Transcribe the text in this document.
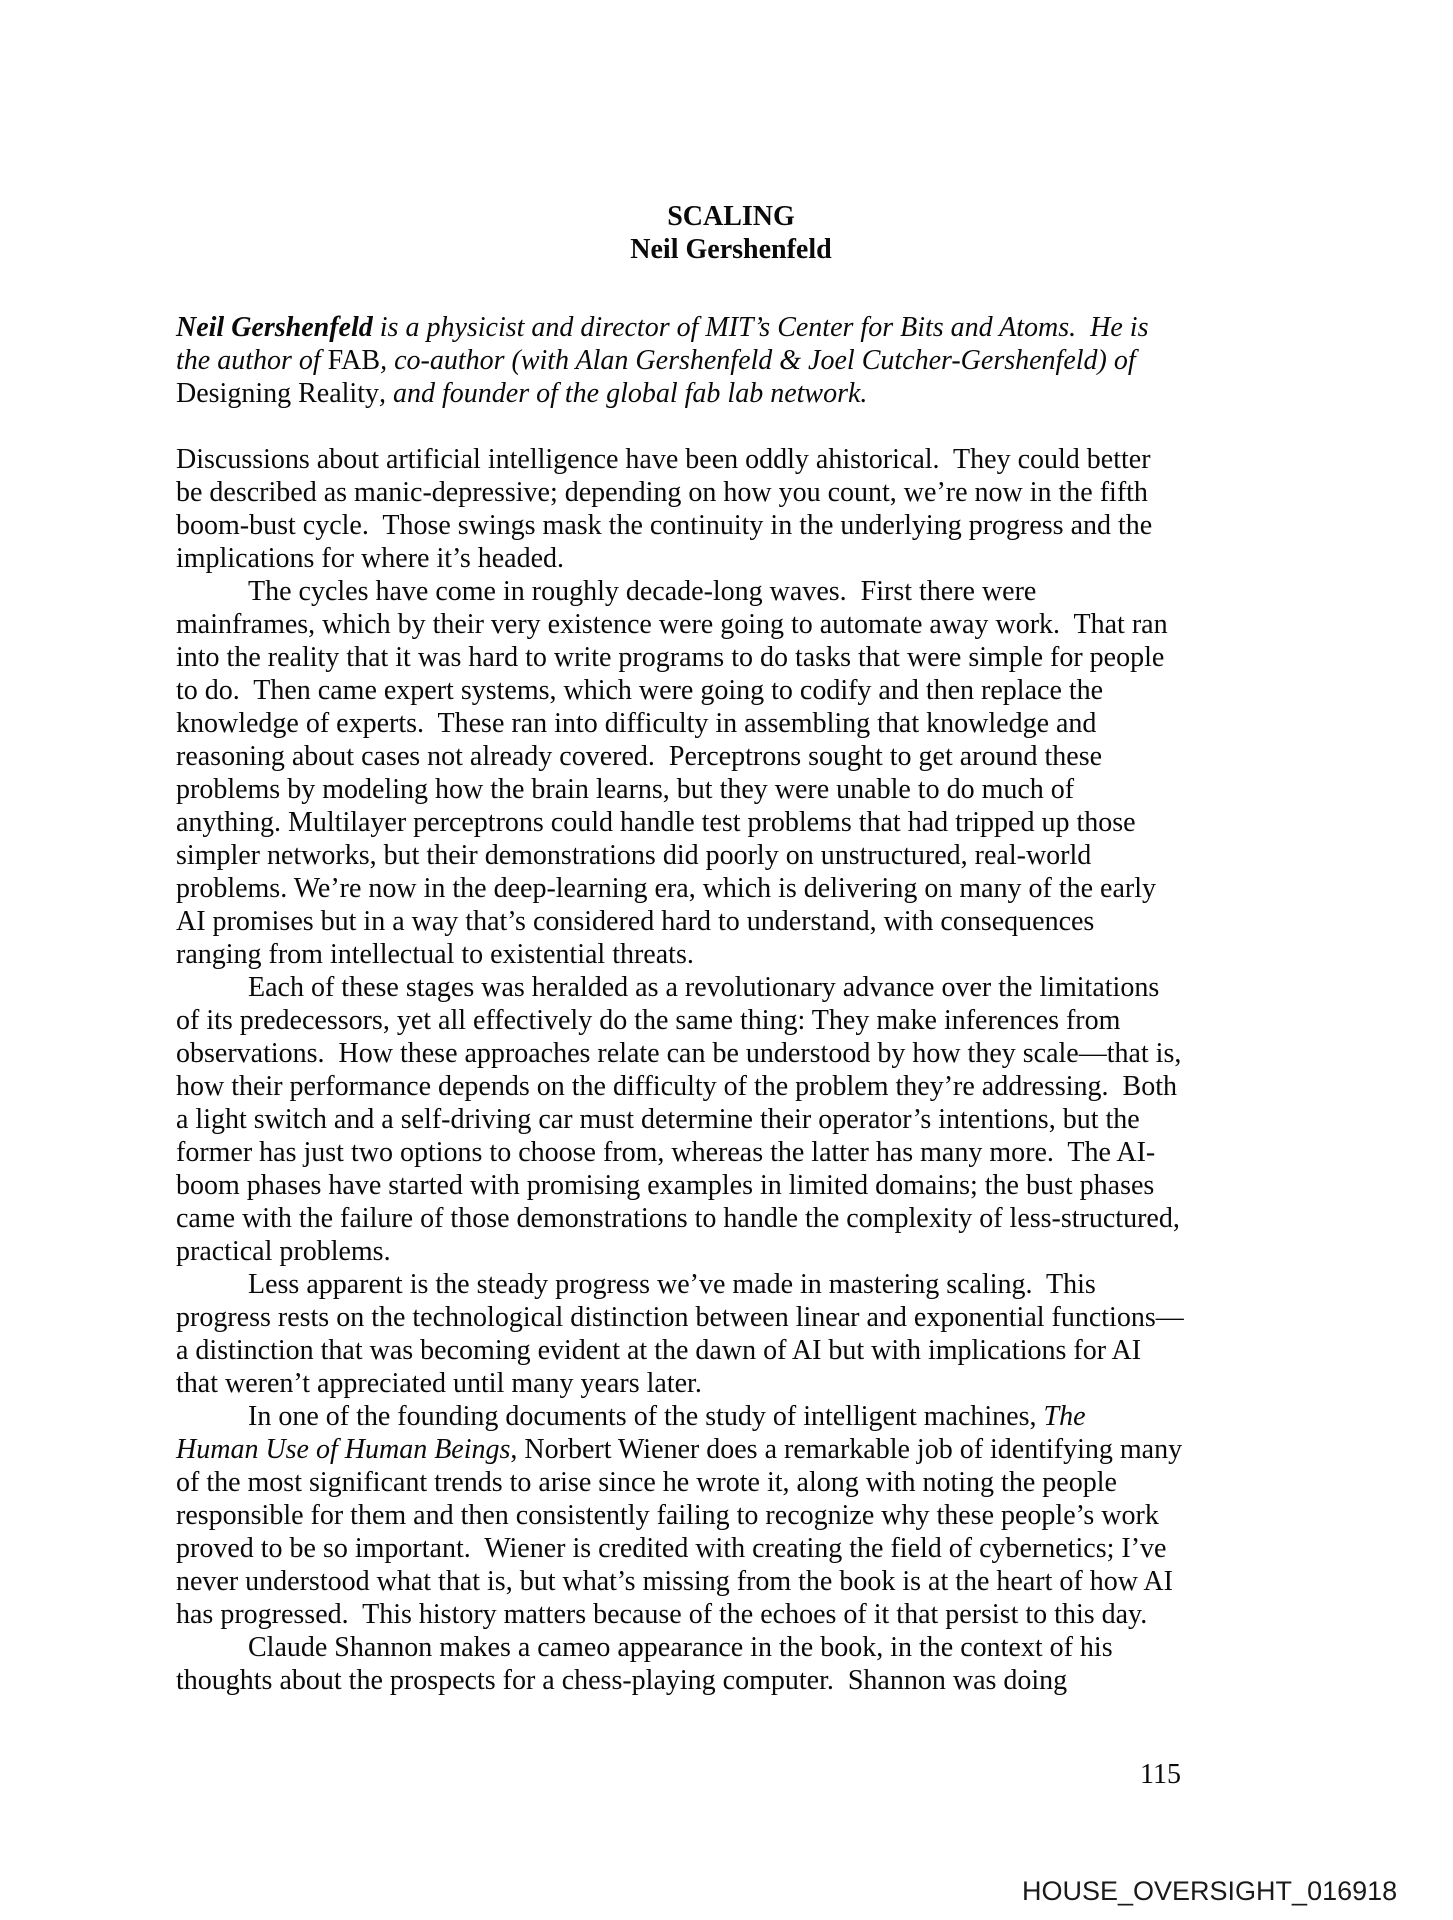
SCALING
Neil Gershenfeld

Neil Gershenfeld is a physicist and director of MIT’s Center for Bits and Atoms.  He is
the author of FAB, co-author (with Alan Gershenfeld & Joel Cutcher-Gershenfeld) of
Designing Reality, and founder of the global fab lab network.

Discussions about artificial intelligence have been oddly ahistorical.  They could better
be described as manic-depressive; depending on how you count, we’re now in the fifth
boom-bust cycle.  Those swings mask the continuity in the underlying progress and the
implications for where it’s headed.

The cycles have come in roughly decade-long waves.  First there were
mainframes, which by their very existence were going to automate away work.  That ran
into the reality that it was hard to write programs to do tasks that were simple for people
to do.  Then came expert systems, which were going to codify and then replace the
knowledge of experts.  These ran into difficulty in assembling that knowledge and
reasoning about cases not already covered.  Perceptrons sought to get around these
problems by modeling how the brain learns, but they were unable to do much of
anything. Multilayer perceptrons could handle test problems that had tripped up those
simpler networks, but their demonstrations did poorly on unstructured, real-world
problems. We’re now in the deep-learning era, which is delivering on many of the early
AI promises but in a way that’s considered hard to understand, with consequences
ranging from intellectual to existential threats.

Each of these stages was heralded as a revolutionary advance over the limitations
of its predecessors, yet all effectively do the same thing: They make inferences from
observations.  How these approaches relate can be understood by how they scale—that is,
how their performance depends on the difficulty of the problem they’re addressing.  Both
a light switch and a self-driving car must determine their operator’s intentions, but the
former has just two options to choose from, whereas the latter has many more.  The AI-
boom phases have started with promising examples in limited domains; the bust phases
came with the failure of those demonstrations to handle the complexity of less-structured,
practical problems.

Less apparent is the steady progress we’ve made in mastering scaling.  This
progress rests on the technological distinction between linear and exponential functions—
a distinction that was becoming evident at the dawn of AI but with implications for AI
that weren’t appreciated until many years later.

In one of the founding documents of the study of intelligent machines, The
Human Use of Human Beings, Norbert Wiener does a remarkable job of identifying many
of the most significant trends to arise since he wrote it, along with noting the people
responsible for them and then consistently failing to recognize why these people’s work
proved to be so important.  Wiener is credited with creating the field of cybernetics; I’ve
never understood what that is, but what’s missing from the book is at the heart of how AI
has progressed.  This history matters because of the echoes of it that persist to this day.

Claude Shannon makes a cameo appearance in the book, in the context of his
thoughts about the prospects for a chess-playing computer.  Shannon was doing

115
HOUSE_OVERSIGHT_016918
